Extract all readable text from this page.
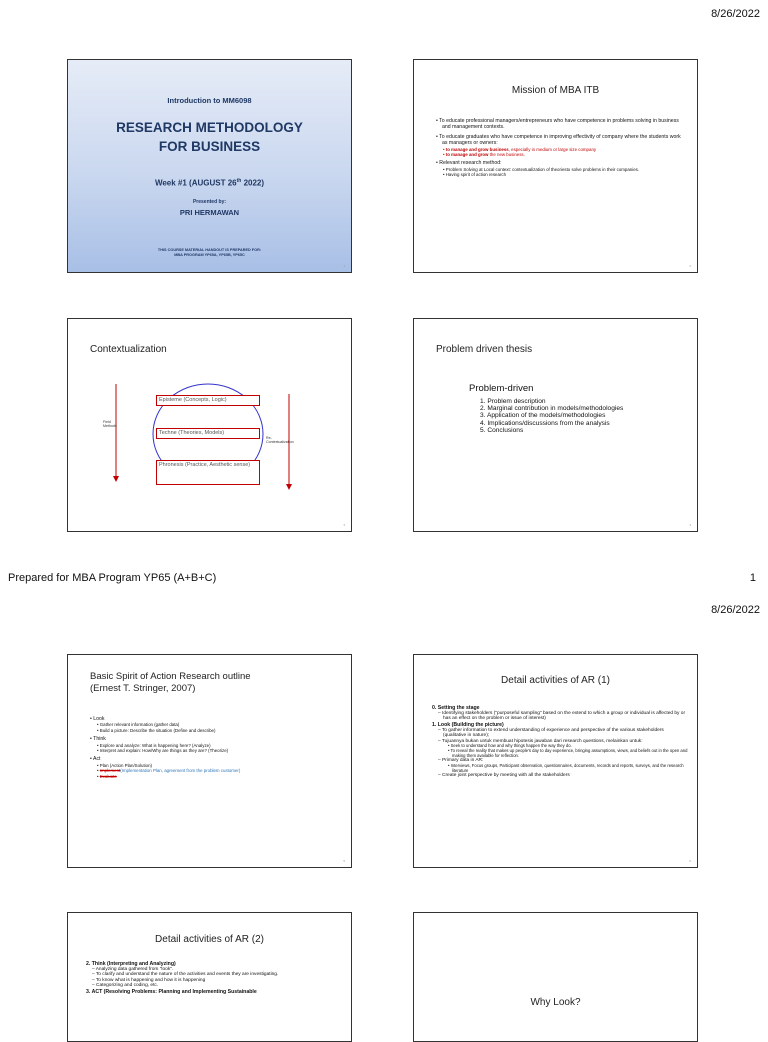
8/26/2022
Introduction to MM6098
RESEARCH METHODOLOGY
FOR BUSINESS
Week #1 (AUGUST 26th 2022)
Presented by:
PRI HERMAWAN
THIS COURSE MATERIAL HANDOUT IS PREPARED FOR:
MBA PROGRAM YP65A, YP65B, YP65C
1
Mission of MBA ITB
• To educate professional managers/entrepreneurs who have competence in problems solving in business and management contexts.
• To educate graduates who have competence in improving effectivity of company where the students work as managers or owners:
• to manage and grow business, especially in medium or large size company
• to manage and grow the new business.
• Relevant research method:
• Problem Solving at Local context: contextualization of theoriesto solve problems in their companies.
• Having spirit of action research
2
Contextualization
Episteme (Concepts, Logic)
Techne (Theories, Models)
Phronesis (Practice, Aesthetic sense)
Field
Methods
Re-
Contextualization
3
Problem driven thesis
Problem-driven
1. Problem description
2. Marginal contribution in models/methodologies
3. Application of the models/methodologies
4. Implications/discussions from the analysis
5. Conclusions
4
Prepared for MBA Program YP65 (A+B+C)	1
8/26/2022
Basic Spirit of Action Research outline
(Ernest T. Stringer, 2007)
• Look
• Gather relevant information (gather data)
• Build a picture: Describe the situation (Define and describe)
• Think
• Explore and analyze: What is happening here? (Analyze)
• Interpret and explain: How/Why are things as they are? (Theorize)
• Act
• Plan (Action Plan/Solution)
• Implement(Implementation Plan, agreement from the problem customer)
• Evaluate
5
Detail activities of AR (1)
0. Setting the stage
– Identifying stakeholders ("purposeful sampling" based on the extend to which a group or individual is affected by or has an effect on the problem or issue of interest)
1. Look (Building the picture)
– To gather information to extend understanding of experience and perspective of the various stakeholders (qualitative in nature);
– Tujuannya bukan untuk membuat hipotesis jawaban dari research questions, melainkan untuk:
• Seek to understand how and why things happen the way they do.
• To reveal the reality that makes up people's day to day experience, bringing assumptions, views, and beliefs out in the open and making them available for reflection.
– Primary data in AR:
• Interviews, Focus groups, Participant observation, questionnaires, documents, records and reports, surveys, and the research literature
– Create joint perspective by meeting with all the stakeholders
6
Detail activities of AR (2)
2. Think (Interpreting and Analyzing)
– Analyzing data gathered from "look".
– To clarify and understand the nature of the activities and events they are investigating.
– To know what is happening and how it is happening
– Categorizing and coding, etc.
3. ACT (Resolving Problems: Planning and Implementing Sustainable
Why Look?
